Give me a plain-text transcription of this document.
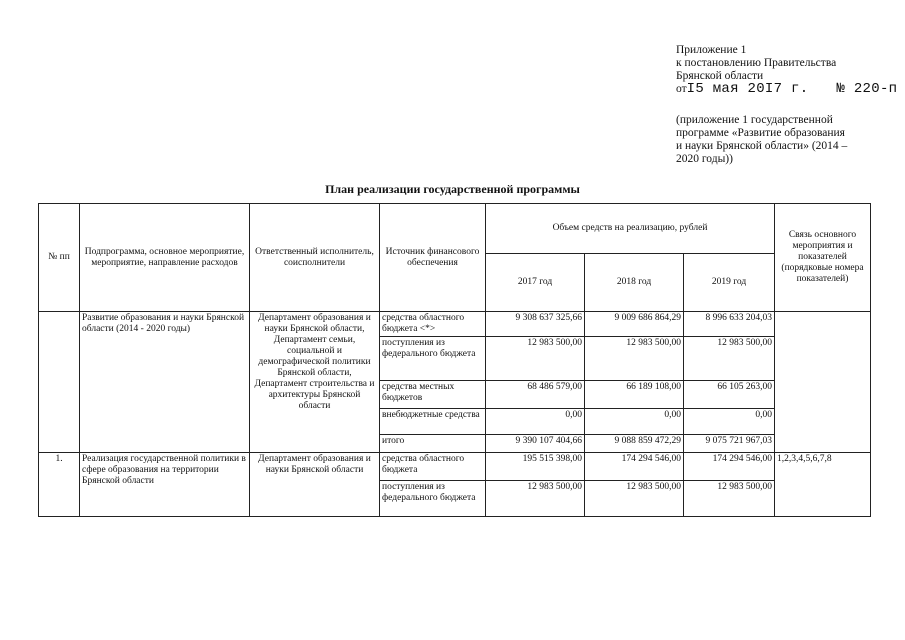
Приложение 1
к постановлению Правительства
Брянской области
отI5 мая 20I7 г. № 220-п
(приложение 1 государственной
программе «Развитие образования
и науки Брянской области» (2014 –
2020 годы))
План реализации государственной программы
№ пп	Подпрограмма, основное мероприятие, мероприятие, направление расходов	Ответственный исполнитель, соисполнители	Источник финансового обеспечения	Объем средств на реализацию, рублей			Связь основного мероприятия и показателей (порядковые номера показателей)
				2017 год	2018 год	2019 год	
	Развитие образования и науки Брянской области (2014 - 2020 годы)	Департамент образования и науки Брянской области, Департамент семьи, социальной и демографической политики Брянской области, Департамент строительства и архитектуры Брянской области	средства областного бюджета <*>	9 308 637 325,66	9 009 686 864,29	8 996 633 204,03	
			поступления из федерального бюджета	12 983 500,00	12 983 500,00	12 983 500,00	
			средства местных бюджетов	68 486 579,00	66 189 108,00	66 105 263,00	
			внебюджетные средства	0,00	0,00	0,00	
			итого	9 390 107 404,66	9 088 859 472,29	9 075 721 967,03	
1.	Реализация государственной политики в сфере образования на территории Брянской области	Департамент образования и науки Брянской области	средства областного бюджета	195 515 398,00	174 294 546,00	174 294 546,00	1,2,3,4,5,6,7,8
			поступления из федерального бюджета	12 983 500,00	12 983 500,00	12 983 500,00	
